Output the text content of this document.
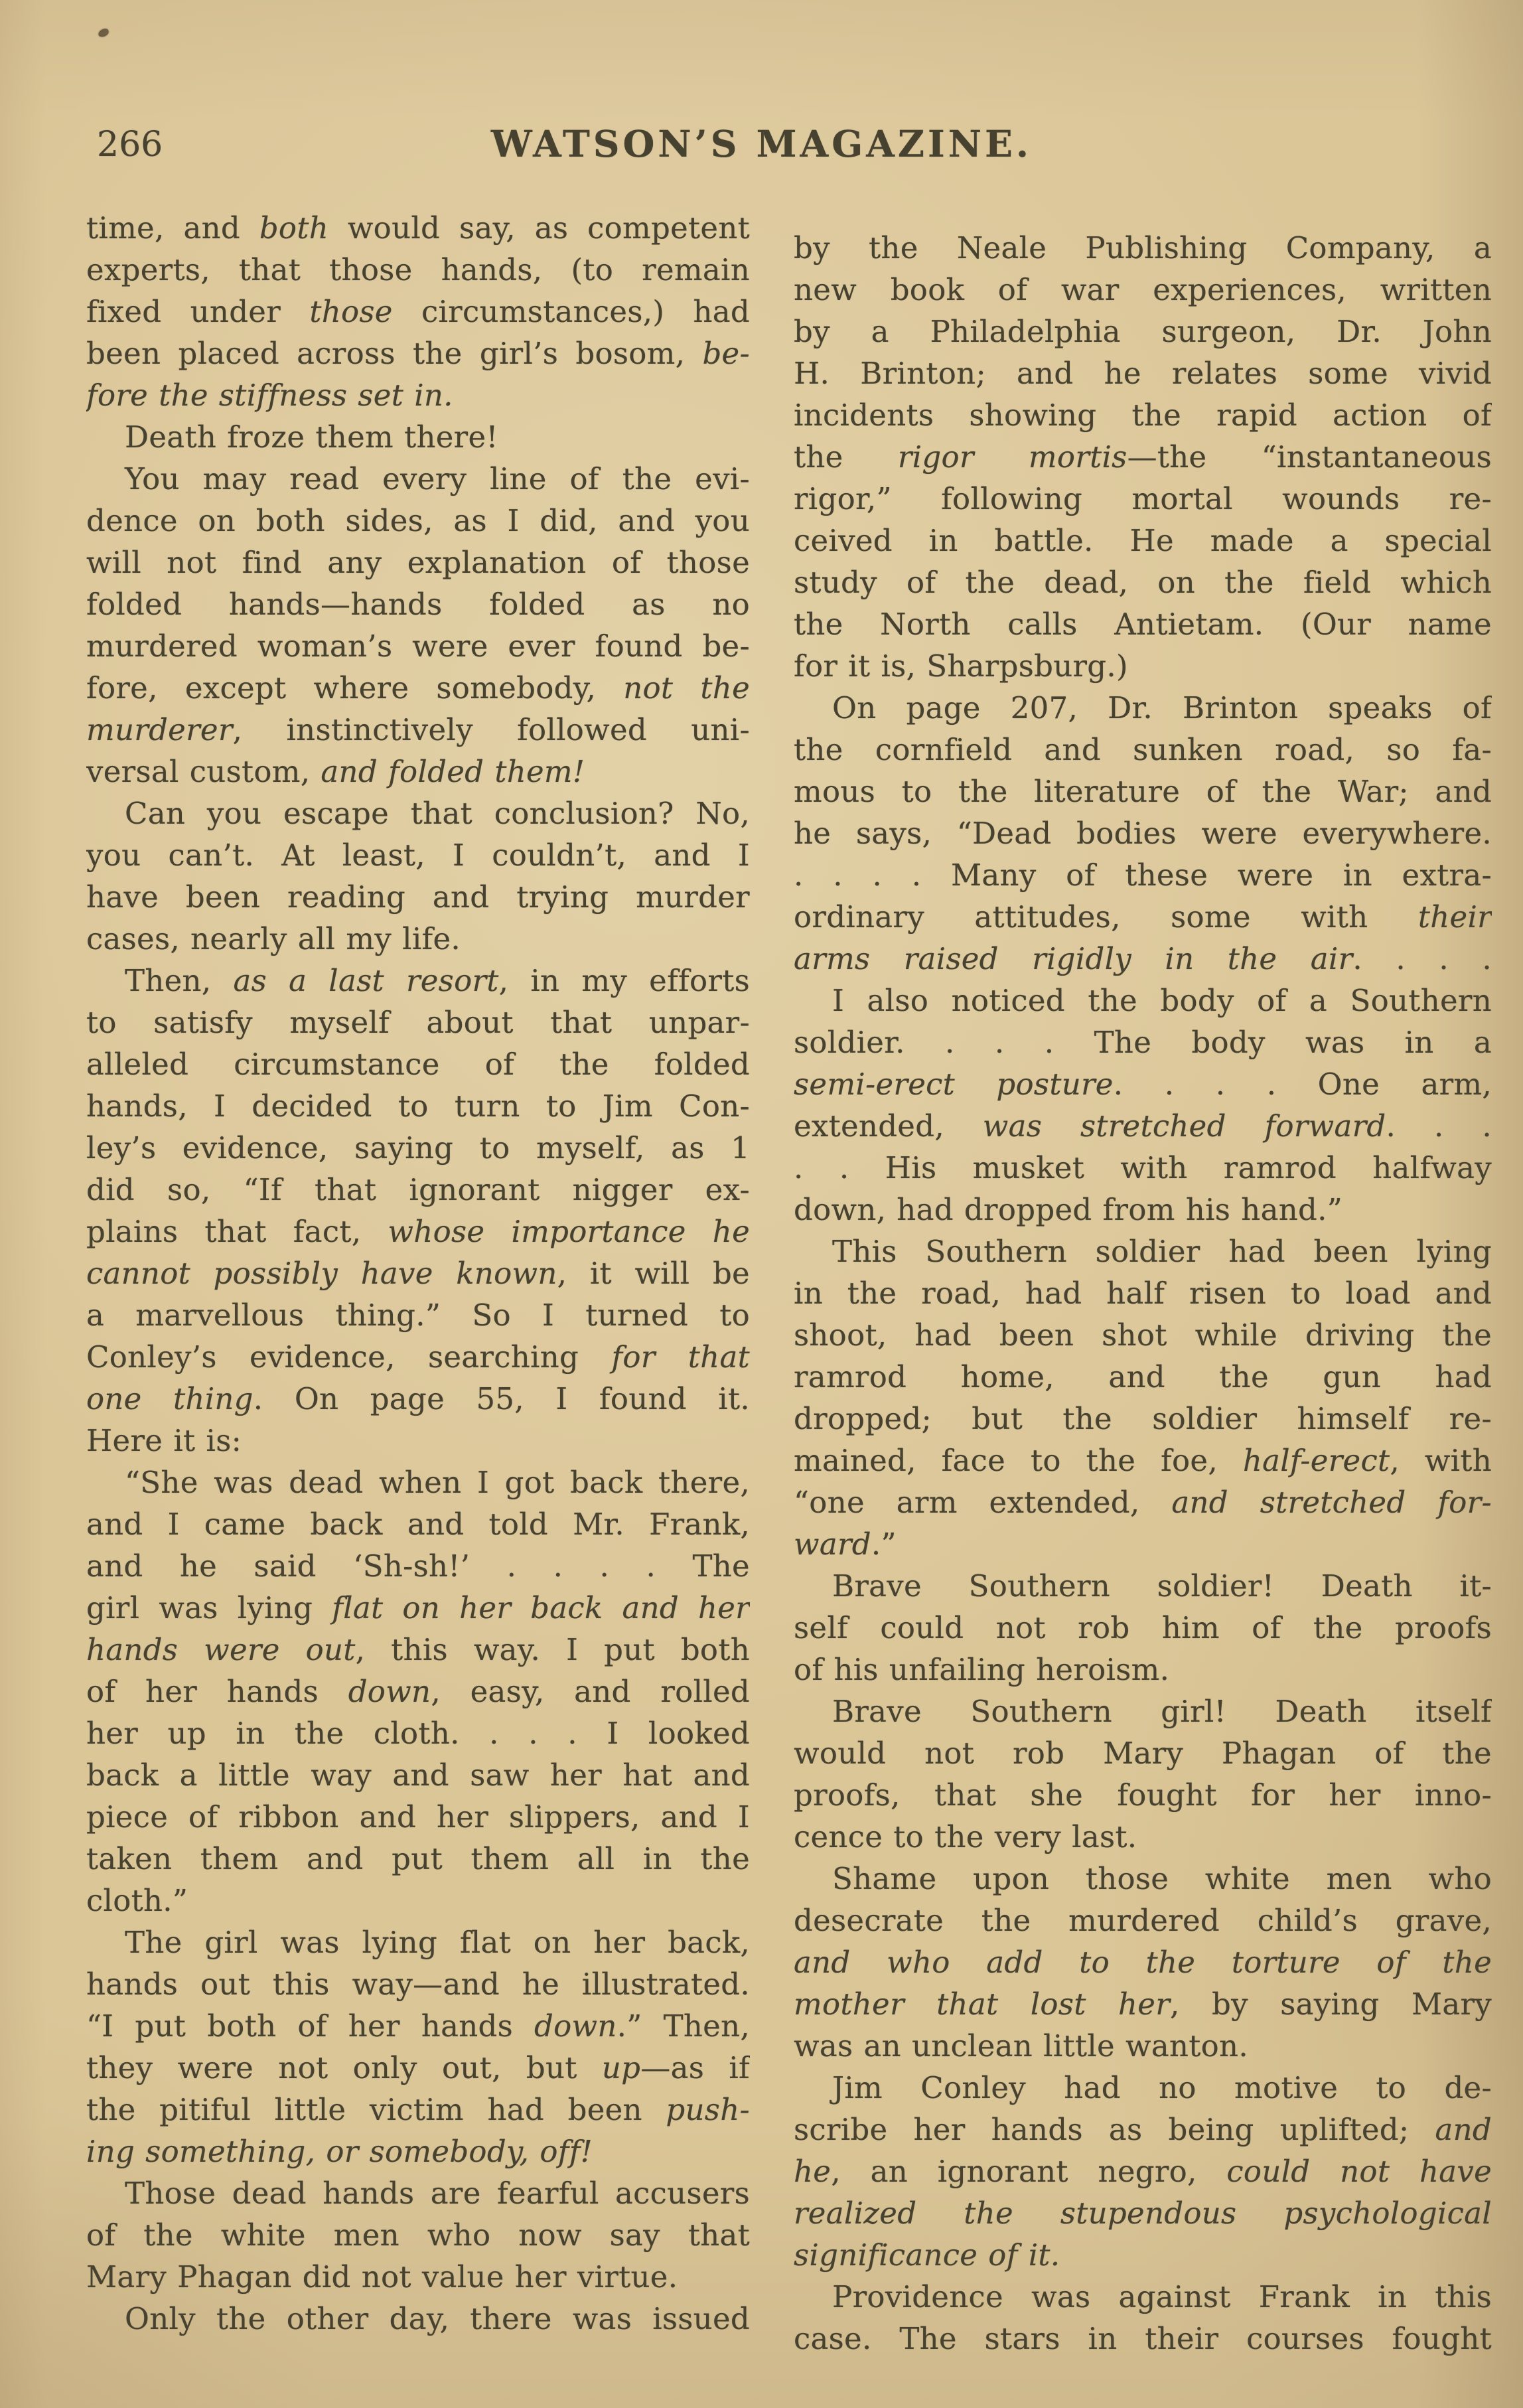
266	WATSON’S MAGAZINE.
time, and both would say, as competent
experts, that those hands, (to remain
fixed under those circumstances,) had
been placed across the girl’s bosom, be-
fore the stiffness set in.
Death froze them there!
You may read every line of the evi-
dence on both sides, as I did, and you
will not find any explanation of those
folded hands—hands folded as no
murdered woman’s were ever found be-
fore, except where somebody, not the
murderer, instinctively followed uni-
versal custom, and folded them!
Can you escape that conclusion? No,
you can’t. At least, I couldn’t, and I
have been reading and trying murder
cases, nearly all my life.
Then, as a last resort, in my efforts
to satisfy myself about that unpar-
alleled circumstance of the folded
hands, I decided to turn to Jim Con-
ley’s evidence, saying to myself, as 1
did so, “If that ignorant nigger ex-
plains that fact, whose importance he
cannot possibly have known, it will be
a marvellous thing.” So I turned to
Conley’s evidence, searching for that
one thing. On page 55, I found it.
Here it is:
“She was dead when I got back there,
and I came back and told Mr. Frank,
and he said ‘Sh-sh!’ . . . . The
girl was lying flat on her back and her
hands were out, this way. I put both
of her hands down, easy, and rolled
her up in the cloth. . . . I looked
back a little way and saw her hat and
piece of ribbon and her slippers, and I
taken them and put them all in the
cloth.”
The girl was lying flat on her back,
hands out this way—and he illustrated.
“I put both of her hands down.” Then,
they were not only out, but up—as if
the pitiful little victim had been push-
ing something, or somebody, off!
Those dead hands are fearful accusers
of the white men who now say that
Mary Phagan did not value her virtue.
Only the other day, there was issued
by the Neale Publishing Company, a
new book of war experiences, written
by a Philadelphia surgeon, Dr. John
H. Brinton; and he relates some vivid
incidents showing the rapid action of
the rigor mortis—the “instantaneous
rigor,” following mortal wounds re-
ceived in battle. He made a special
study of the dead, on the field which
the North calls Antietam. (Our name
for it is, Sharpsburg.)
On page 207, Dr. Brinton speaks of
the cornfield and sunken road, so fa-
mous to the literature of the War; and
he says, “Dead bodies were everywhere.
. . . . Many of these were in extra-
ordinary attitudes, some with their
arms raised rigidly in the air. . . .
I also noticed the body of a Southern
soldier. . . . The body was in a
semi-erect posture. . . . One arm,
extended, was stretched forward. . .
. . His musket with ramrod halfway
down, had dropped from his hand.”
This Southern soldier had been lying
in the road, had half risen to load and
shoot, had been shot while driving the
ramrod home, and the gun had
dropped; but the soldier himself re-
mained, face to the foe, half-erect, with
“one arm extended, and stretched for-
ward.”
Brave Southern soldier! Death it-
self could not rob him of the proofs
of his unfailing heroism.
Brave Southern girl! Death itself
would not rob Mary Phagan of the
proofs, that she fought for her inno-
cence to the very last.
Shame upon those white men who
desecrate the murdered child’s grave,
and who add to the torture of the
mother that lost her, by saying Mary
was an unclean little wanton.
Jim Conley had no motive to de-
scribe her hands as being uplifted; and
he, an ignorant negro, could not have
realized the stupendous psychological
significance of it.
Providence was against Frank in this
case. The stars in their courses fought
